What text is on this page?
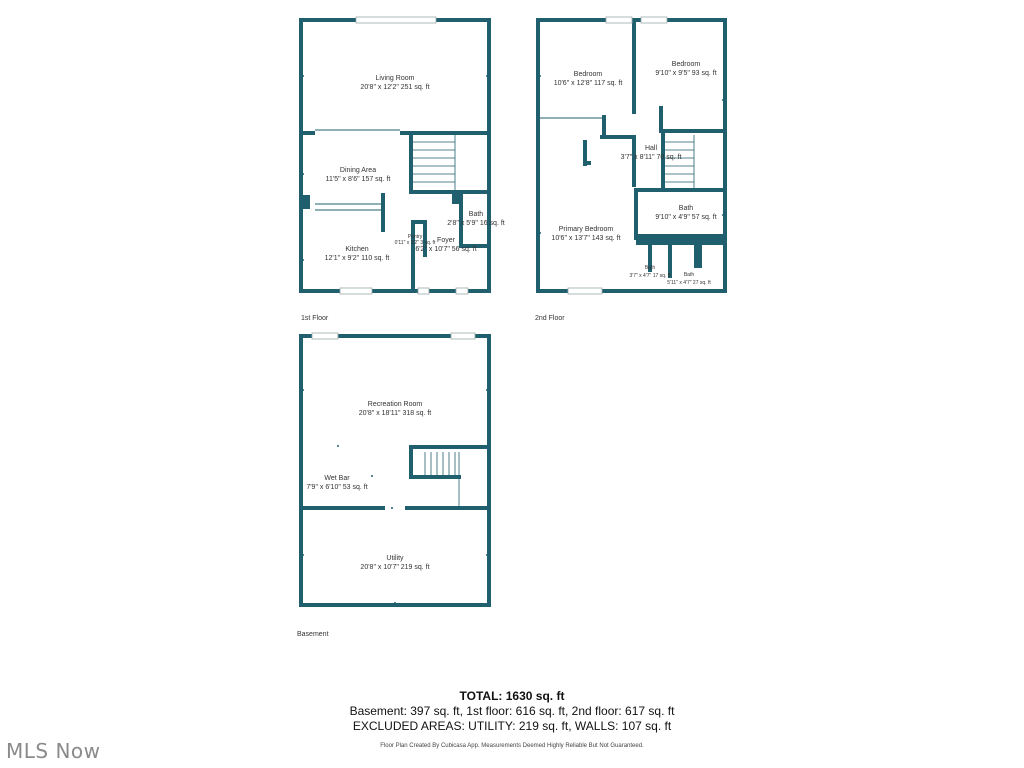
Living Room
20'8" x 12'2" 251 sq. ft
Dining Area
11'5" x 8'6" 157 sq. ft
Kitchen
12'1" x 9'2" 110 sq. ft
Bath
2'8" x 5'9" 16 sq. ft
Foyer
6'2" x 10'7" 56 sq. ft
Pantry
0'11" x 3'2" 3 sq. ft
Bedroom
10'6" x 12'8" 117 sq. ft
Bedroom
9'10" x 9'5" 93 sq. ft
Hall
3'7" x 8'11" 70 sq. ft
Primary Bedroom
10'6" x 13'7" 143 sq. ft
Bath
9'10" x 4'9" 57 sq. ft
Bath
3'7" x 4'7" 17 sq. ft	Bath
5'11" x 4'7" 27 sq. ft
Recreation Room
20'8" x 18'11" 318 sq. ft
Wet Bar
7'9" x 6'10" 53 sq. ft
Utility
20'8" x 10'7" 219 sq. ft
1st Floor	2nd Floor
Basement
TOTAL: 1630 sq. ft
Basement: 397 sq. ft, 1st floor: 616 sq. ft, 2nd floor: 617 sq. ft
EXCLUDED AREAS: UTILITY: 219 sq. ft, WALLS: 107 sq. ft
Floor Plan Created By Cubicasa App. Measurements Deemed Highly Reliable But Not Guaranteed.
MLS Now
